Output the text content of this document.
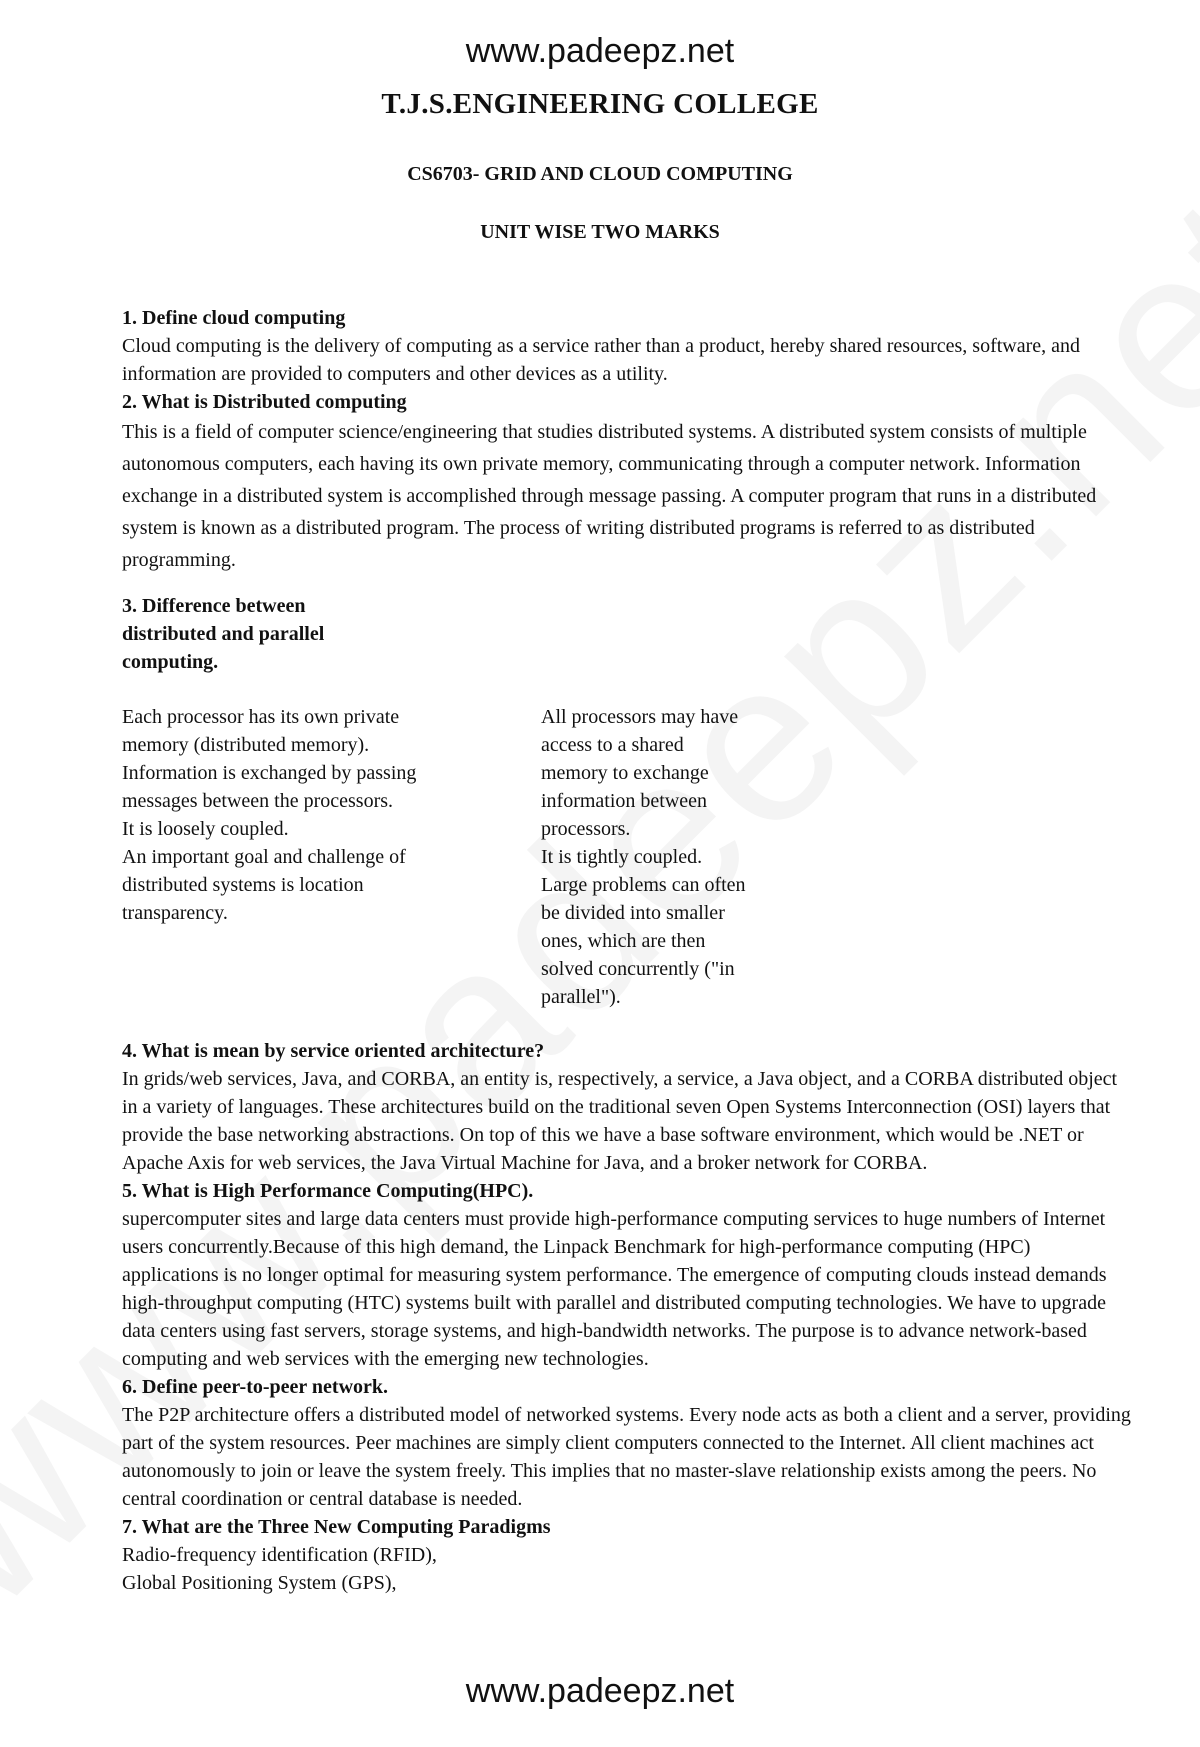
www.padeepz.net
T.J.S.ENGINEERING COLLEGE
CS6703- GRID AND CLOUD COMPUTING
UNIT WISE TWO MARKS

1. Define cloud computing

Cloud computing is the delivery of computing as a service rather than a product, hereby shared resources, software, and information are provided to computers and other devices as a utility.

2. What is Distributed computing

This is a field of computer science/engineering that studies distributed systems. A distributed system consists of multiple autonomous computers, each having its own private memory, communicating through a computer network. Information exchange in a distributed system is accomplished through message passing. A computer program that runs in a distributed system is known as a distributed program. The process of writing distributed programs is referred to as distributed programming.

3. Difference between
distributed and parallel
computing.
Each processor has its own private
memory (distributed memory).
Information is exchanged by passing
messages between the processors.
It is loosely coupled.
An important goal and challenge of
distributed systems is location
transparency.
All processors may have
access to a shared
memory to exchange
information between
processors.
It is tightly coupled.
Large problems can often
be divided into smaller
ones, which are then
solved concurrently ("in
parallel").

4. What is mean by service oriented architecture?

In grids/web services, Java, and CORBA, an entity is, respectively, a service, a Java object, and a CORBA distributed object in a variety of languages. These architectures build on the traditional seven Open Systems Interconnection (OSI) layers that provide the base networking abstractions. On top of this we have a base software environment, which would be .NET or Apache Axis for web services, the Java Virtual Machine for Java, and a broker network for CORBA.

5. What is High Performance Computing(HPC).

supercomputer sites and large data centers must provide high-performance computing services to huge numbers of Internet users concurrently.Because of this high demand, the Linpack Benchmark for high-performance computing (HPC) applications is no longer optimal for measuring system performance. The emergence of computing clouds instead demands high-throughput computing (HTC) systems built with parallel and distributed computing technologies. We have to upgrade data centers using fast servers, storage systems, and high-bandwidth networks. The purpose is to advance network-based computing and web services with the emerging new technologies.

6. Define peer-to-peer network.

The P2P architecture offers a distributed model of networked systems. Every node acts as both a client and a server, providing part of the system resources. Peer machines are simply client computers connected to the Internet. All client machines act autonomously to join or leave the system freely. This implies that no master-slave relationship exists among the peers. No central coordination or central database is needed.

7. What are the Three New Computing Paradigms

Radio-frequency identification (RFID),

Global Positioning System (GPS),

www.padeepz.net
